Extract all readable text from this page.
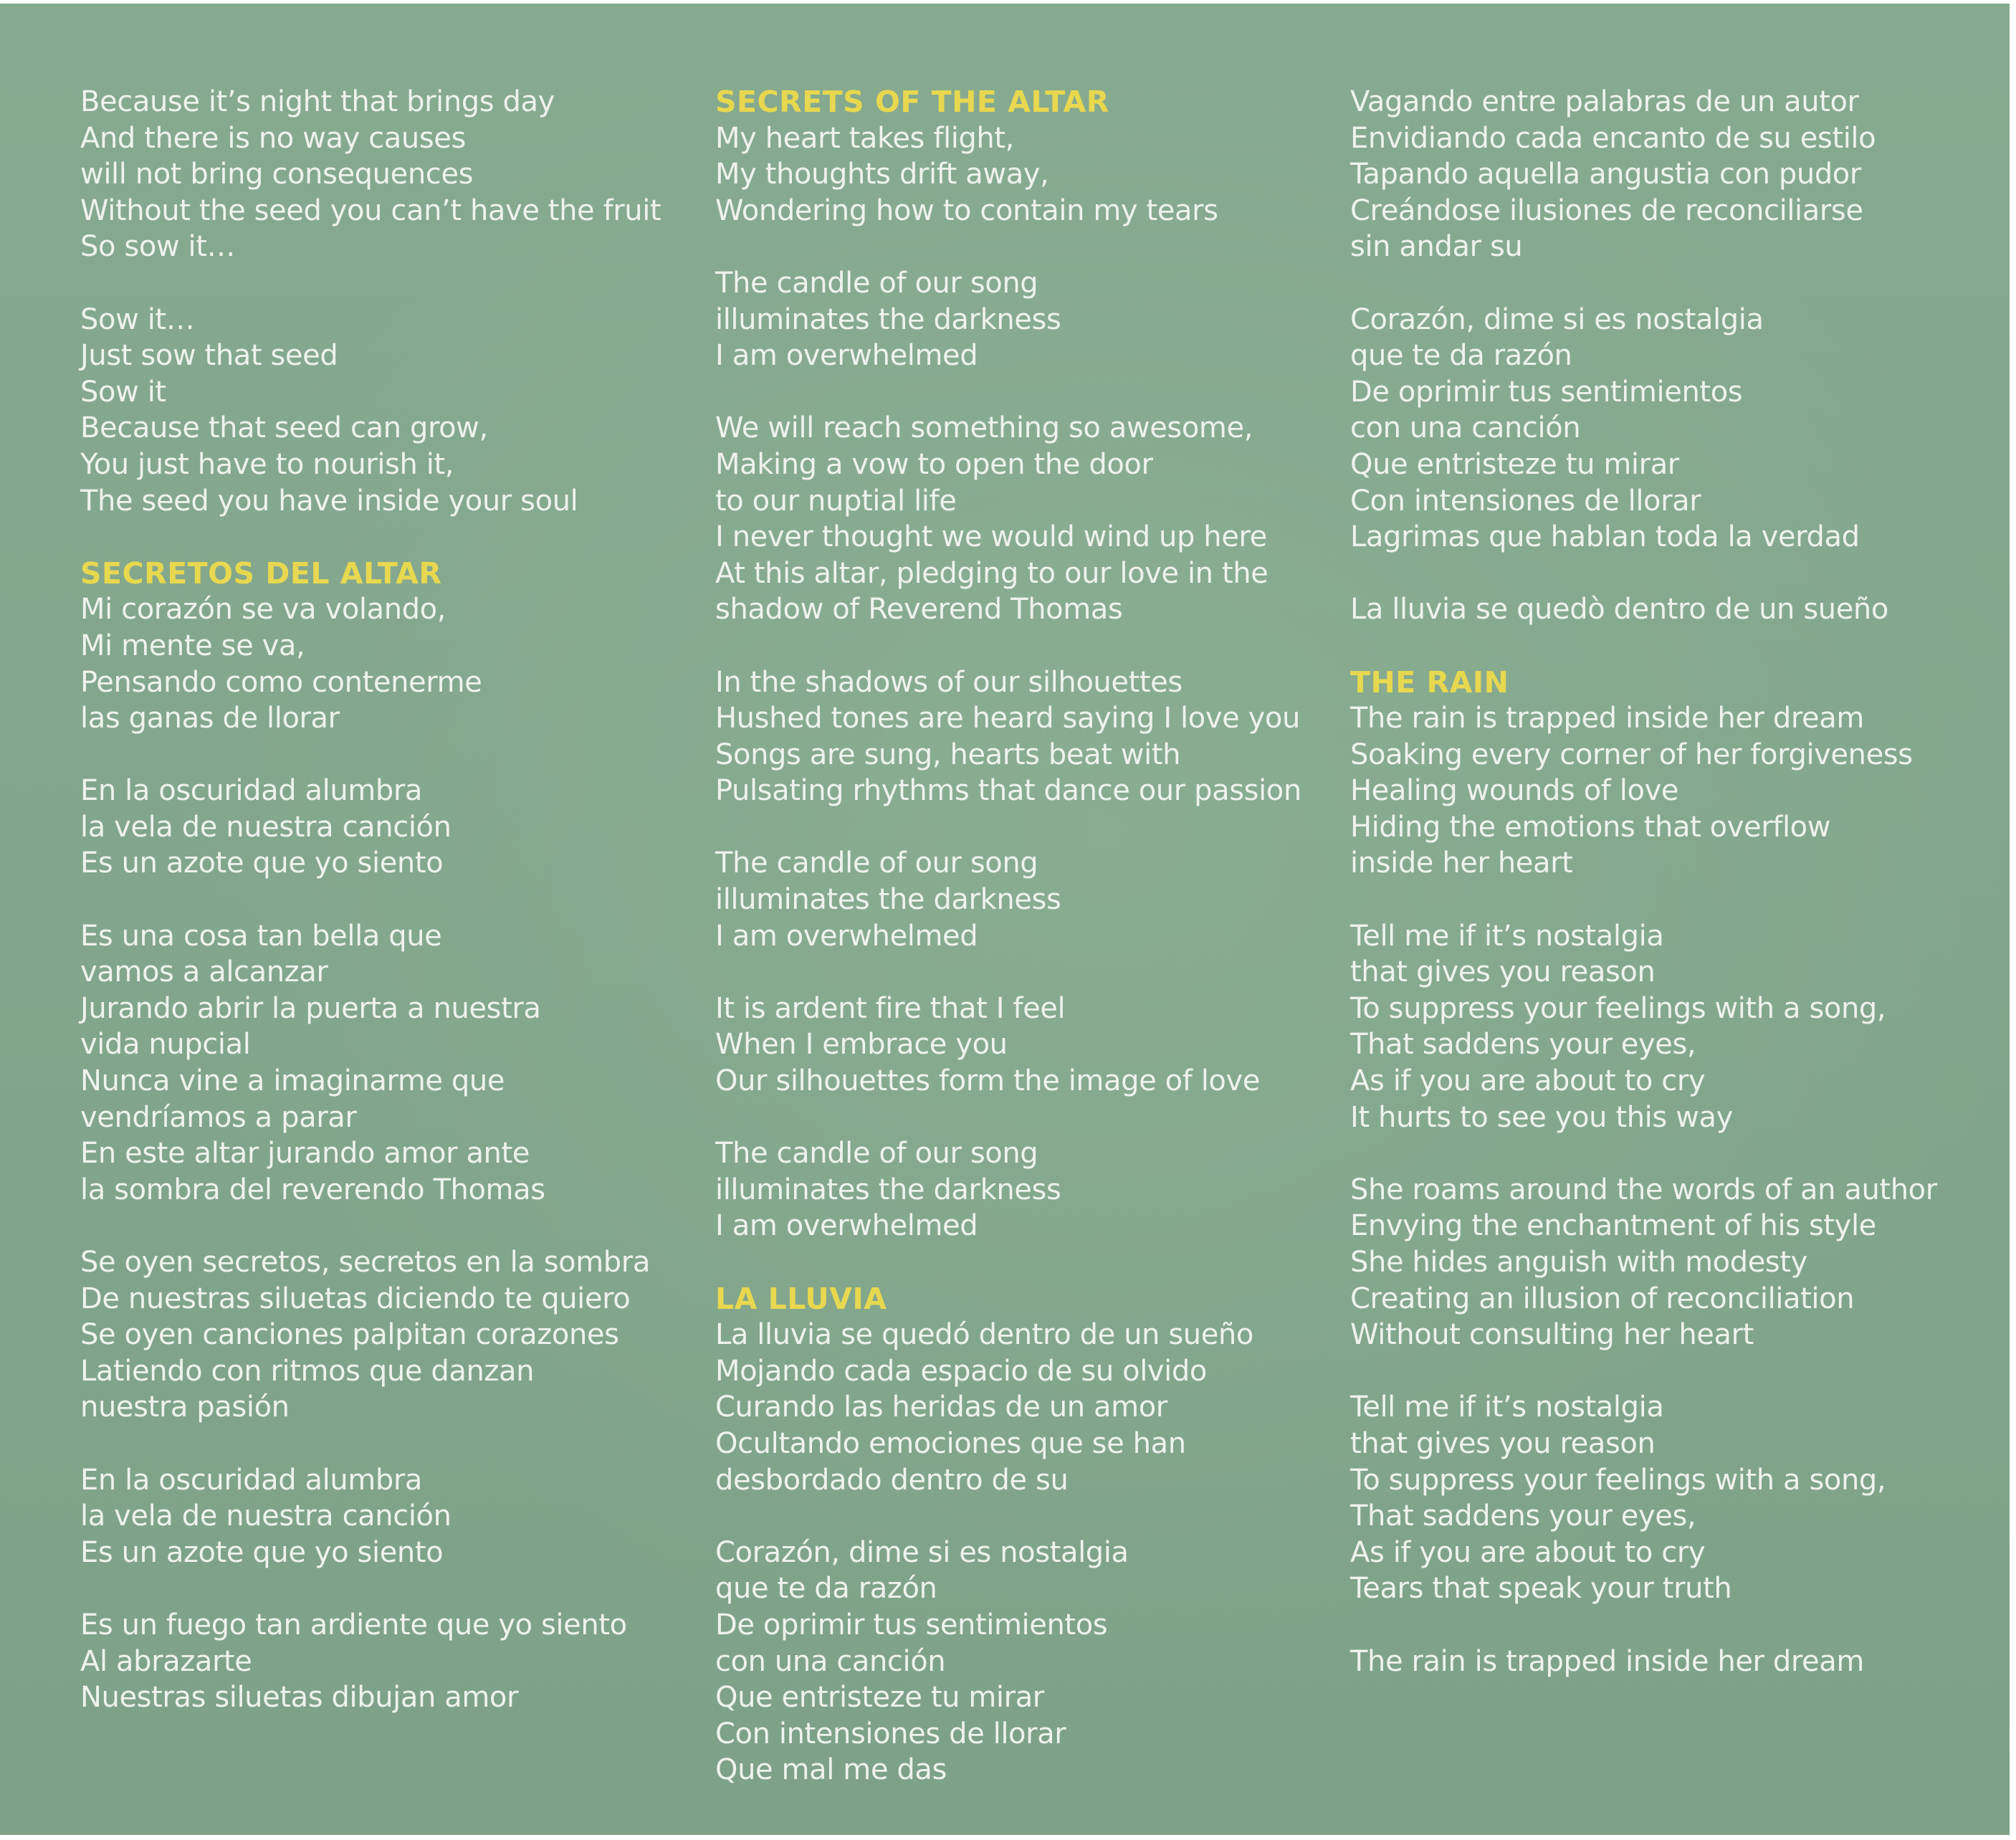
Because it’s night that brings day
And there is no way causes
will not bring consequences
Without the seed you can’t have the fruit
So sow it…
Sow it…
Just sow that seed
Sow it
Because that seed can grow,
You just have to nourish it,
The seed you have inside your soul
SECRETOS DEL ALTAR
Mi corazón se va volando,
Mi mente se va,
Pensando como contenerme
las ganas de llorar
En la oscuridad alumbra
la vela de nuestra canción
Es un azote que yo siento
Es una cosa tan bella que
vamos a alcanzar
Jurando abrir la puerta a nuestra
vida nupcial
Nunca vine a imaginarme que
vendríamos a parar
En este altar jurando amor ante
la sombra del reverendo Thomas
Se oyen secretos, secretos en la sombra
De nuestras siluetas diciendo te quiero
Se oyen canciones palpitan corazones
Latiendo con ritmos que danzan
nuestra pasión
En la oscuridad alumbra
la vela de nuestra canción
Es un azote que yo siento
Es un fuego tan ardiente que yo siento
Al abrazarte
Nuestras siluetas dibujan amor
SECRETS OF THE ALTAR
My heart takes flight,
My thoughts drift away,
Wondering how to contain my tears
The candle of our song
illuminates the darkness
I am overwhelmed
We will reach something so awesome,
Making a vow to open the door
to our nuptial life
I never thought we would wind up here
At this altar, pledging to our love in the
shadow of Reverend Thomas
In the shadows of our silhouettes
Hushed tones are heard saying I love you
Songs are sung, hearts beat with
Pulsating rhythms that dance our passion
The candle of our song
illuminates the darkness
I am overwhelmed
It is ardent fire that I feel
When I embrace you
Our silhouettes form the image of love
The candle of our song
illuminates the darkness
I am overwhelmed
LA LLUVIA
La lluvia se quedó dentro de un sueño
Mojando cada espacio de su olvido
Curando las heridas de un amor
Ocultando emociones que se han
desbordado dentro de su
Corazón, dime si es nostalgia
que te da razón
De oprimir tus sentimientos
con una canción
Que entristeze tu mirar
Con intensiones de llorar
Que mal me das
Vagando entre palabras de un autor
Envidiando cada encanto de su estilo
Tapando aquella angustia con pudor
Creándose ilusiones de reconciliarse
sin andar su
Corazón, dime si es nostalgia
que te da razón
De oprimir tus sentimientos
con una canción
Que entristeze tu mirar
Con intensiones de llorar
Lagrimas que hablan toda la verdad
La lluvia se quedò dentro de un sueño
THE RAIN
The rain is trapped inside her dream
Soaking every corner of her forgiveness
Healing wounds of love
Hiding the emotions that overflow
inside her heart
Tell me if it’s nostalgia
that gives you reason
To suppress your feelings with a song,
That saddens your eyes,
As if you are about to cry
It hurts to see you this way
She roams around the words of an author
Envying the enchantment of his style
She hides anguish with modesty
Creating an illusion of reconciliation
Without consulting her heart
Tell me if it’s nostalgia
that gives you reason
To suppress your feelings with a song,
That saddens your eyes,
As if you are about to cry
Tears that speak your truth
The rain is trapped inside her dream
